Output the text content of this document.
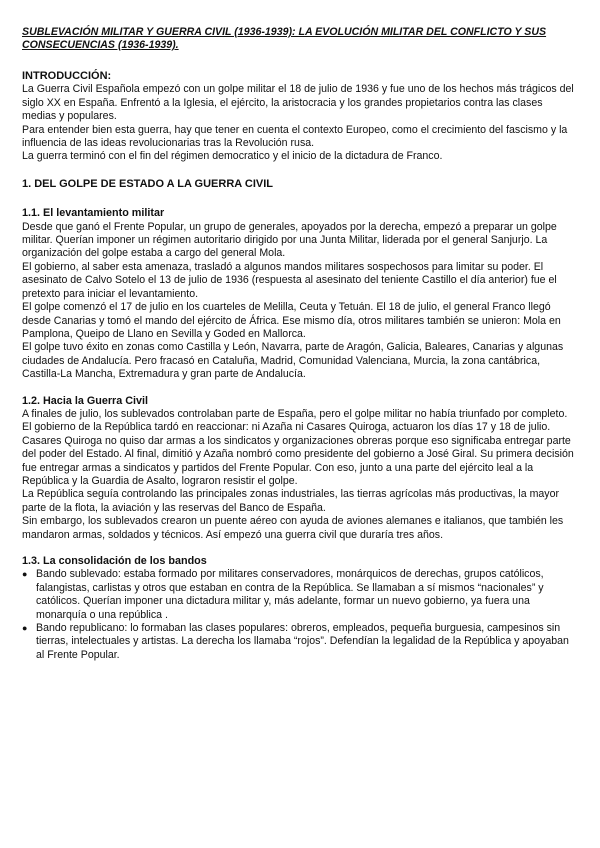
SUBLEVACIÓN MILITAR Y GUERRA CIVIL (1936-1939): LA EVOLUCIÓN MILITAR DEL CONFLICTO Y SUS CONSECUENCIAS (1936-1939).
INTRODUCCIÓN:

La Guerra Civil Española empezó con un golpe militar el 18 de julio de 1936 y fue uno de los hechos más trágicos del siglo XX en España. Enfrentó a la Iglesia, el ejército, la aristocracia y los grandes propietarios contra las clases medias y populares.

Para entender bien esta guerra, hay que tener en cuenta el contexto Europeo, como el crecimiento del fascismo y la influencia de las ideas revolucionarias tras la Revolución rusa.

La guerra terminó con el fin del régimen democratico y el inicio de la dictadura de Franco.

1. DEL GOLPE DE ESTADO A LA GUERRA CIVIL
1.1. El levantamiento militar

Desde que ganó el Frente Popular, un grupo de generales, apoyados por la derecha, empezó a preparar un golpe militar. Querían imponer un régimen autoritario dirigido por una Junta Militar, liderada por el general Sanjurjo. La organización del golpe estaba a cargo del general Mola.

El gobierno, al saber esta amenaza, trasladó a algunos mandos militares sospechosos para limitar su poder. El asesinato de Calvo Sotelo el 13 de julio de 1936 (respuesta al asesinato del teniente Castillo el día anterior) fue el pretexto para iniciar el levantamiento.

El golpe comenzó el 17 de julio en los cuarteles de Melilla, Ceuta y Tetuán. El 18 de julio, el general Franco llegó desde Canarias y tomó el mando del ejército de África. Ese mismo día, otros militares también se unieron: Mola en Pamplona, Queipo de Llano en Sevilla y Goded en Mallorca.

El golpe tuvo éxito en zonas como Castilla y León, Navarra, parte de Aragón, Galicia, Baleares, Canarias y algunas ciudades de Andalucía. Pero fracasó en Cataluña, Madrid, Comunidad Valenciana, Murcia, la zona cantábrica, Castilla-La Mancha, Extremadura y gran parte de Andalucía.

1.2. Hacia la Guerra Civil

A finales de julio, los sublevados controlaban parte de España, pero el golpe militar no había triunfado por completo. El gobierno de la República tardó en reaccionar: ni Azaña ni Casares Quiroga, actuaron los días 17 y 18 de julio.

Casares Quiroga no quiso dar armas a los sindicatos y organizaciones obreras porque eso significaba entregar parte del poder del Estado. Al final, dimitió y Azaña nombró como presidente del gobierno a José Giral. Su primera decisión fue entregar armas a sindicatos y partidos del Frente Popular. Con eso, junto a una parte del ejército leal a la República y la Guardia de Asalto, lograron resistir el golpe.

La República seguía controlando las principales zonas industriales, las tierras agrícolas más productivas, la mayor parte de la flota, la aviación y las reservas del Banco de España.

Sin embargo, los sublevados crearon un puente aéreo con ayuda de aviones alemanes e italianos, que también les mandaron armas, soldados y técnicos. Así empezó una guerra civil que duraría tres años.

1.3. La consolidación de los bandos
● Bando sublevado: estaba formado por militares conservadores, monárquicos de derechas, grupos católicos, falangistas, carlistas y otros que estaban en contra de la República. Se llamaban a sí mismos “nacionales” y católicos. Querían imponer una dictadura militar y, más adelante, formar un nuevo gobierno, ya fuera una monarquía o una república .
● Bando republicano: lo formaban las clases populares: obreros, empleados, pequeña burguesia, campesinos sin tierras, intelectuales y artistas. La derecha los llamaba “rojos”. Defendían la legalidad de la República y apoyaban al Frente Popular.
